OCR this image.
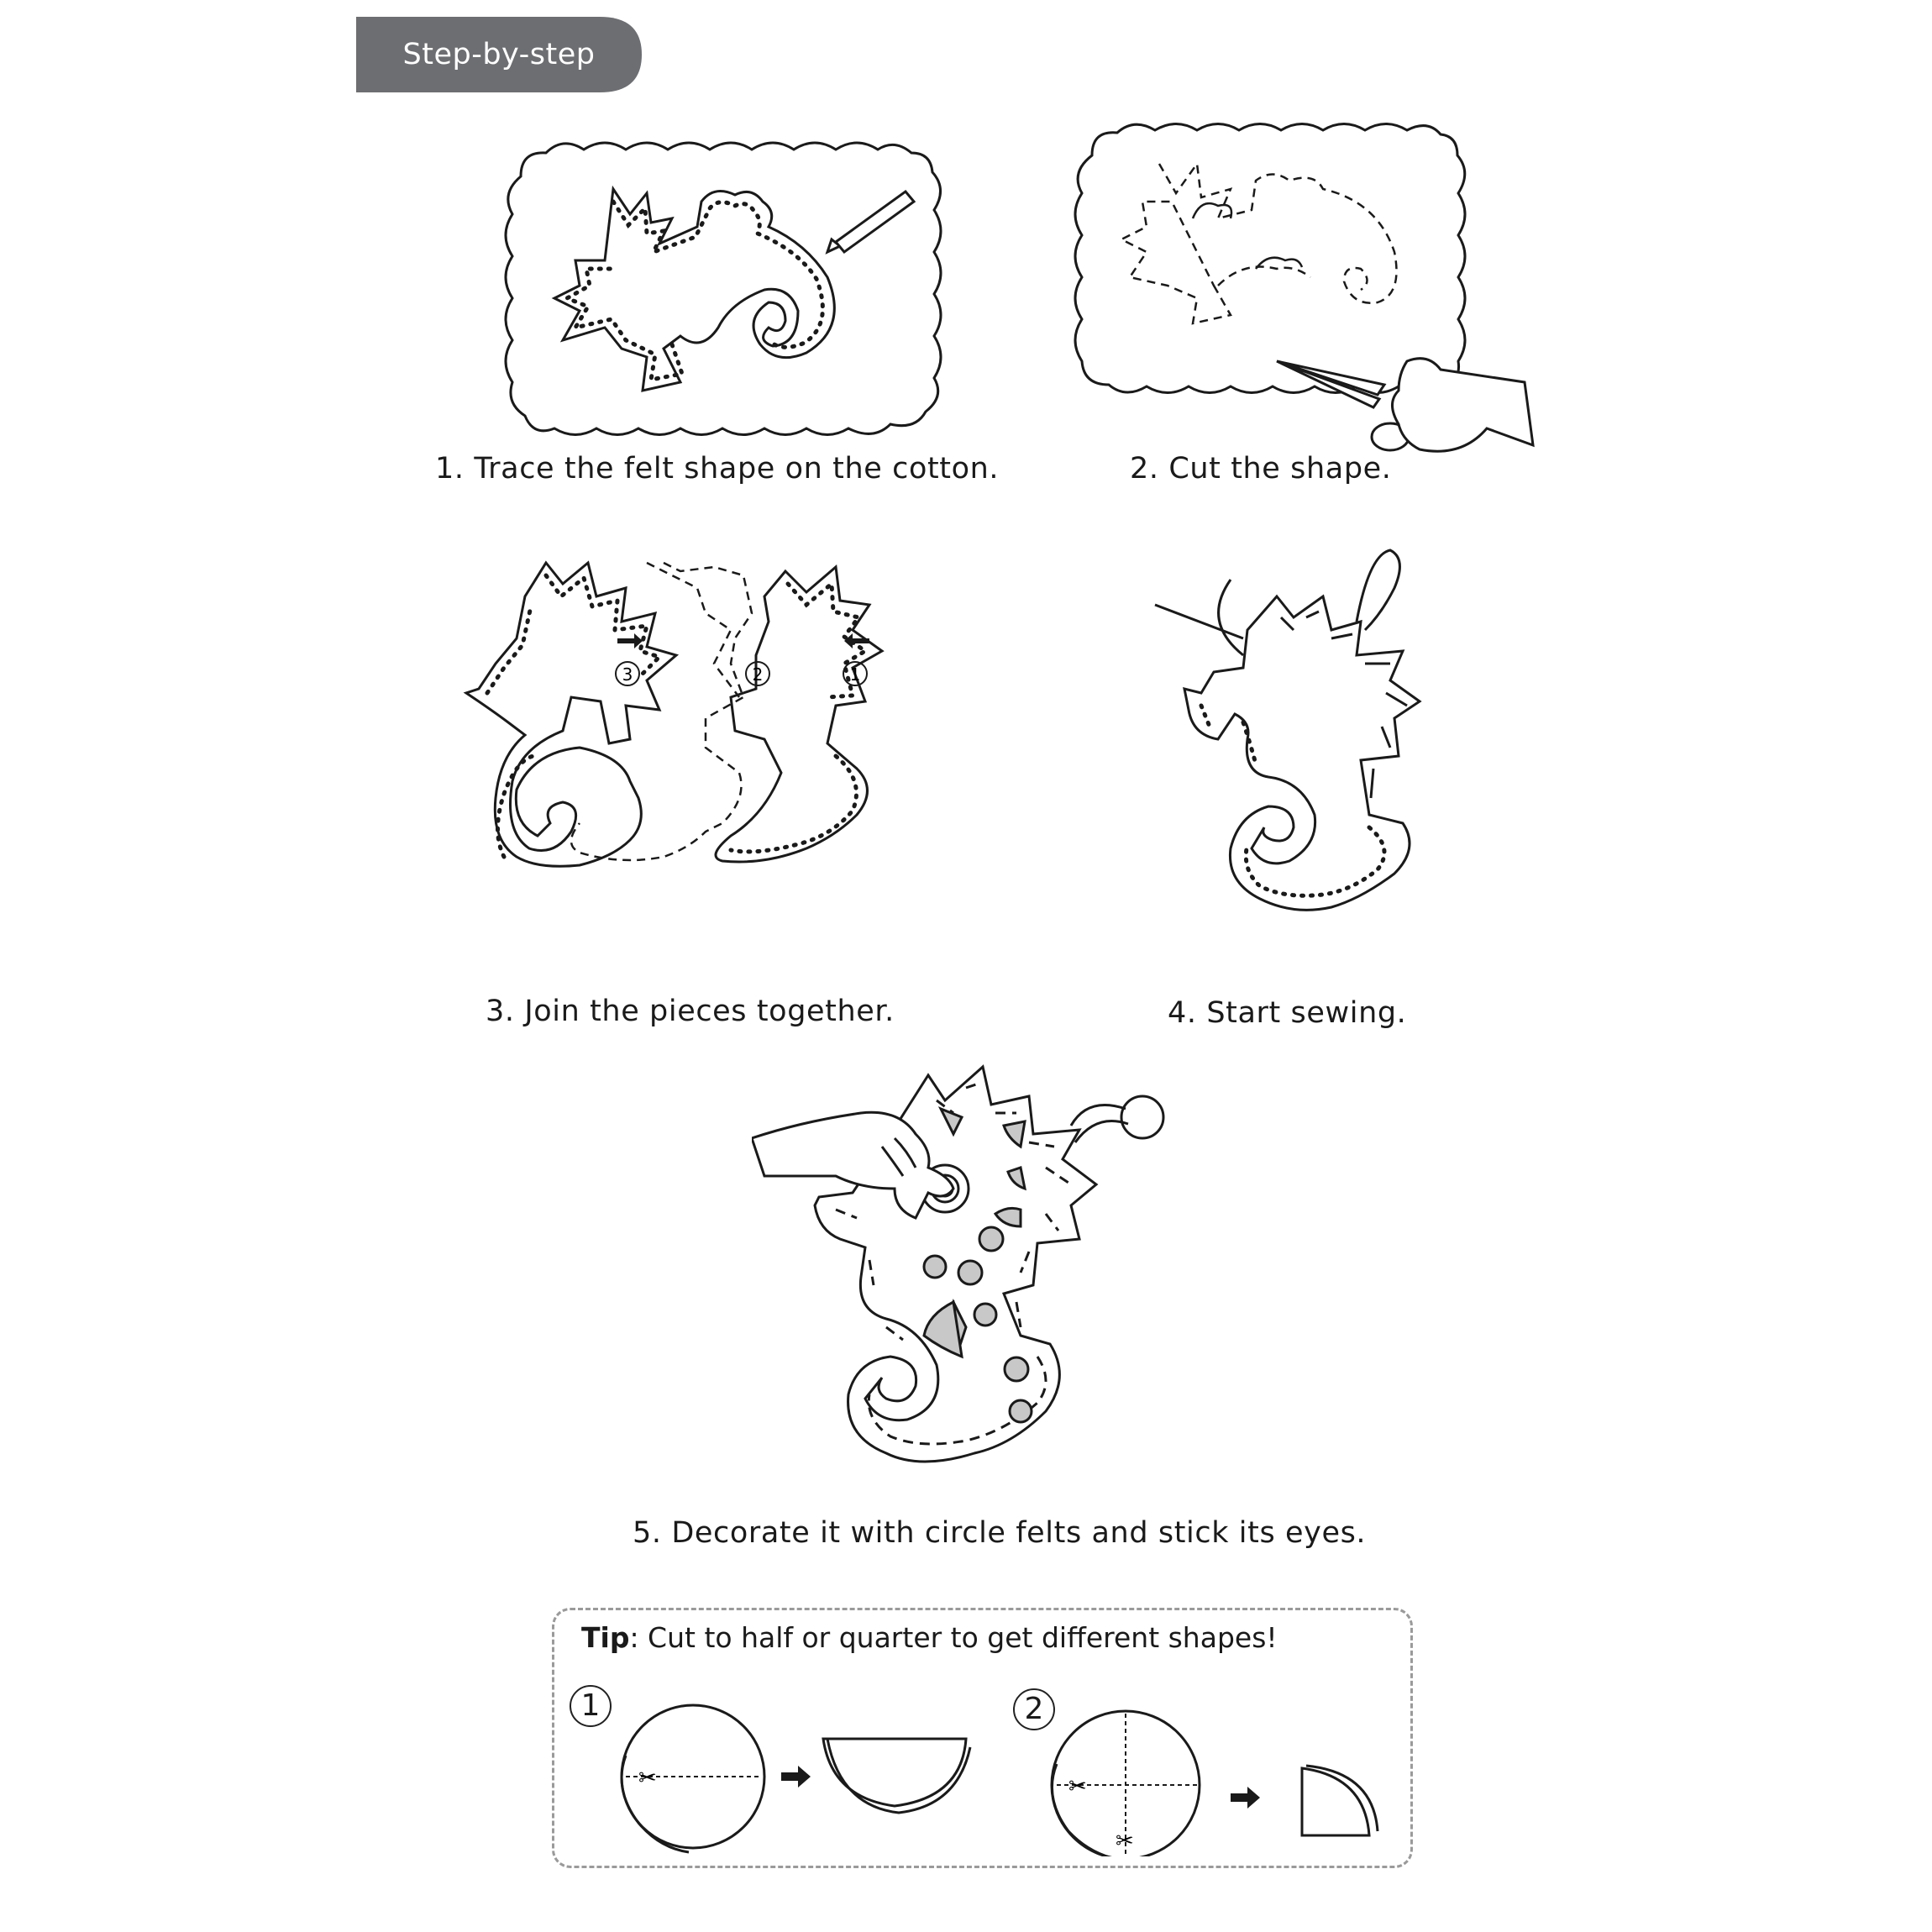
Step-by-step
1. Trace the felt shape on the cotton.	2. Cut the shape.
3	2	1
3. Join the pieces together.	4. Start sewing.
5. Decorate it with circle felts and stick its eyes.
Tip: Cut to half or quarter to get different shapes!
1	2
✂	✂
✂
